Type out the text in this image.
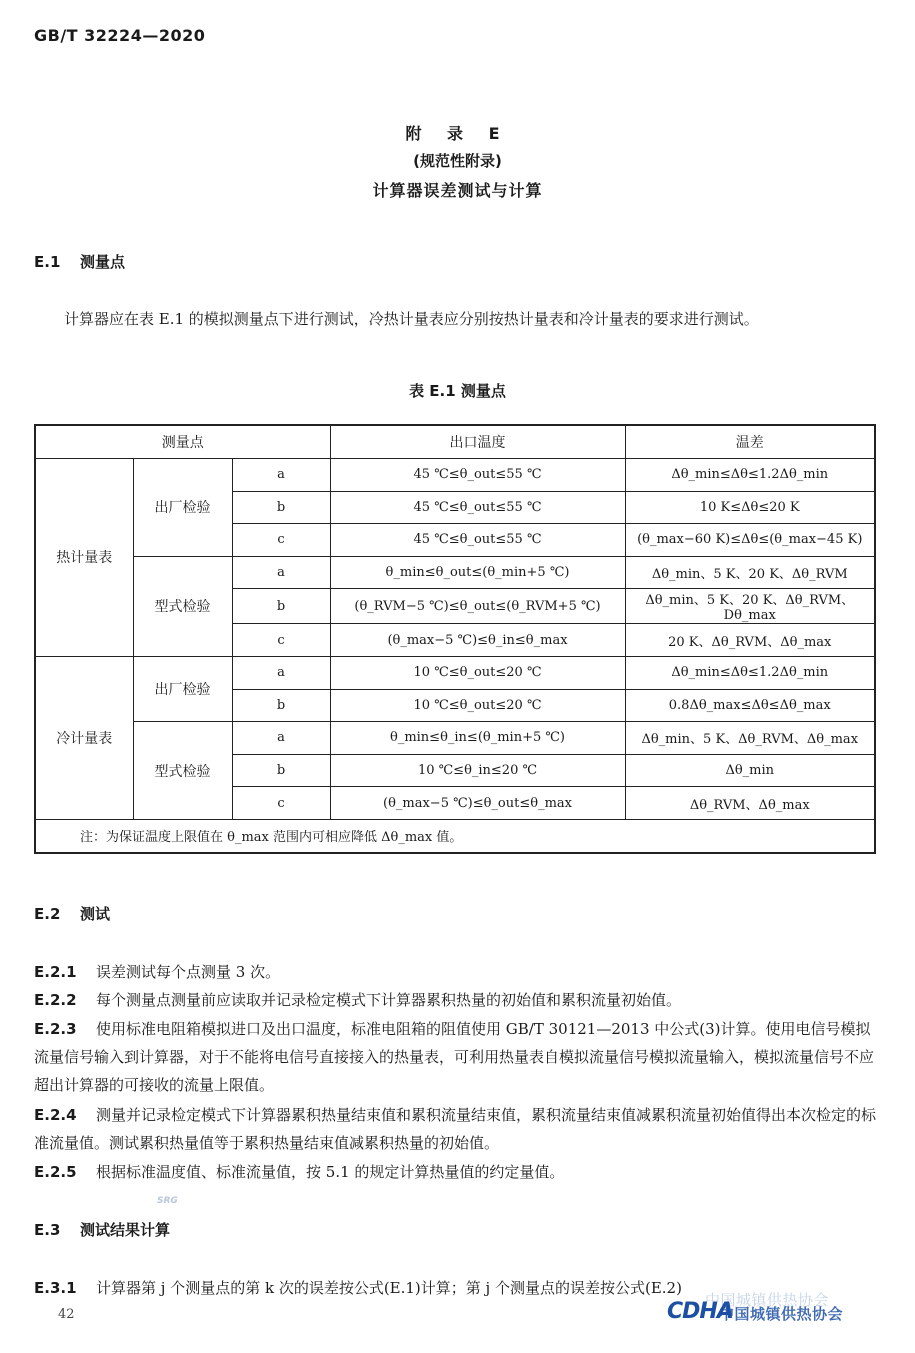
GB/T 32224—2020
附 录 E
(规范性附录)
计算器误差测试与计算
E.1 测量点
计算器应在表 E.1 的模拟测量点下进行测试，冷热计量表应分别按热计量表和冷计量表的要求进行测试。
表 E.1 测量点
测量点			出口温度	温差
热计量表	出厂检验	a	45 ℃≤θ_out≤55 ℃	Δθ_min≤Δθ≤1.2Δθ_min
		b	45 ℃≤θ_out≤55 ℃	10 K≤Δθ≤20 K
		c	45 ℃≤θ_out≤55 ℃	(θ_max−60 K)≤Δθ≤(θ_max−45 K)
	型式检验	a	θ_min≤θ_out≤(θ_min+5 ℃)	Δθ_min、5 K、20 K、Δθ_RVM
		b	(θ_RVM−5 ℃)≤θ_out≤(θ_RVM+5 ℃)	Δθ_min、5 K、20 K、Δθ_RVM、Dθ_max
		c	(θ_max−5 ℃)≤θ_in≤θ_max	20 K、Δθ_RVM、Δθ_max
冷计量表	出厂检验	a	10 ℃≤θ_out≤20 ℃	Δθ_min≤Δθ≤1.2Δθ_min
		b	10 ℃≤θ_out≤20 ℃	0.8Δθ_max≤Δθ≤Δθ_max
	型式检验	a	θ_min≤θ_in≤(θ_min+5 ℃)	Δθ_min、5 K、Δθ_RVM、Δθ_max
		b	10 ℃≤θ_in≤20 ℃	Δθ_min
		c	(θ_max−5 ℃)≤θ_out≤θ_max	Δθ_RVM、Δθ_max
注：为保证温度上限值在 θ_max 范围内可相应降低 Δθ_max 值。				
E.2 测试
E.2.1 误差测试每个点测量 3 次。
E.2.2 每个测量点测量前应读取并记录检定模式下计算器累积热量的初始值和累积流量初始值。
E.2.3 使用标准电阻箱模拟进口及出口温度，标准电阻箱的阻值使用 GB/T 30121—2013 中公式(3)计算。使用电信号模拟流量信号输入到计算器，对于不能将电信号直接接入的热量表，可利用热量表自模拟流量信号模拟流量输入，模拟流量信号不应超出计算器的可接收的流量上限值。
E.2.4 测量并记录检定模式下计算器累积热量结束值和累积流量结束值，累积流量结束值减累积流量初始值得出本次检定的标准流量值。测试累积热量值等于累积热量结束值减累积热量的初始值。
E.2.5 根据标准温度值、标准流量值，按 5.1 的规定计算热量值的约定量值。
SRG
E.3 测试结果计算
E.3.1 计算器第 j 个测量点的第 k 次的误差按公式(E.1)计算；第 j 个测量点的误差按公式(E.2)
42
中国城镇供热协会
CDHA
中国城镇供热协会
